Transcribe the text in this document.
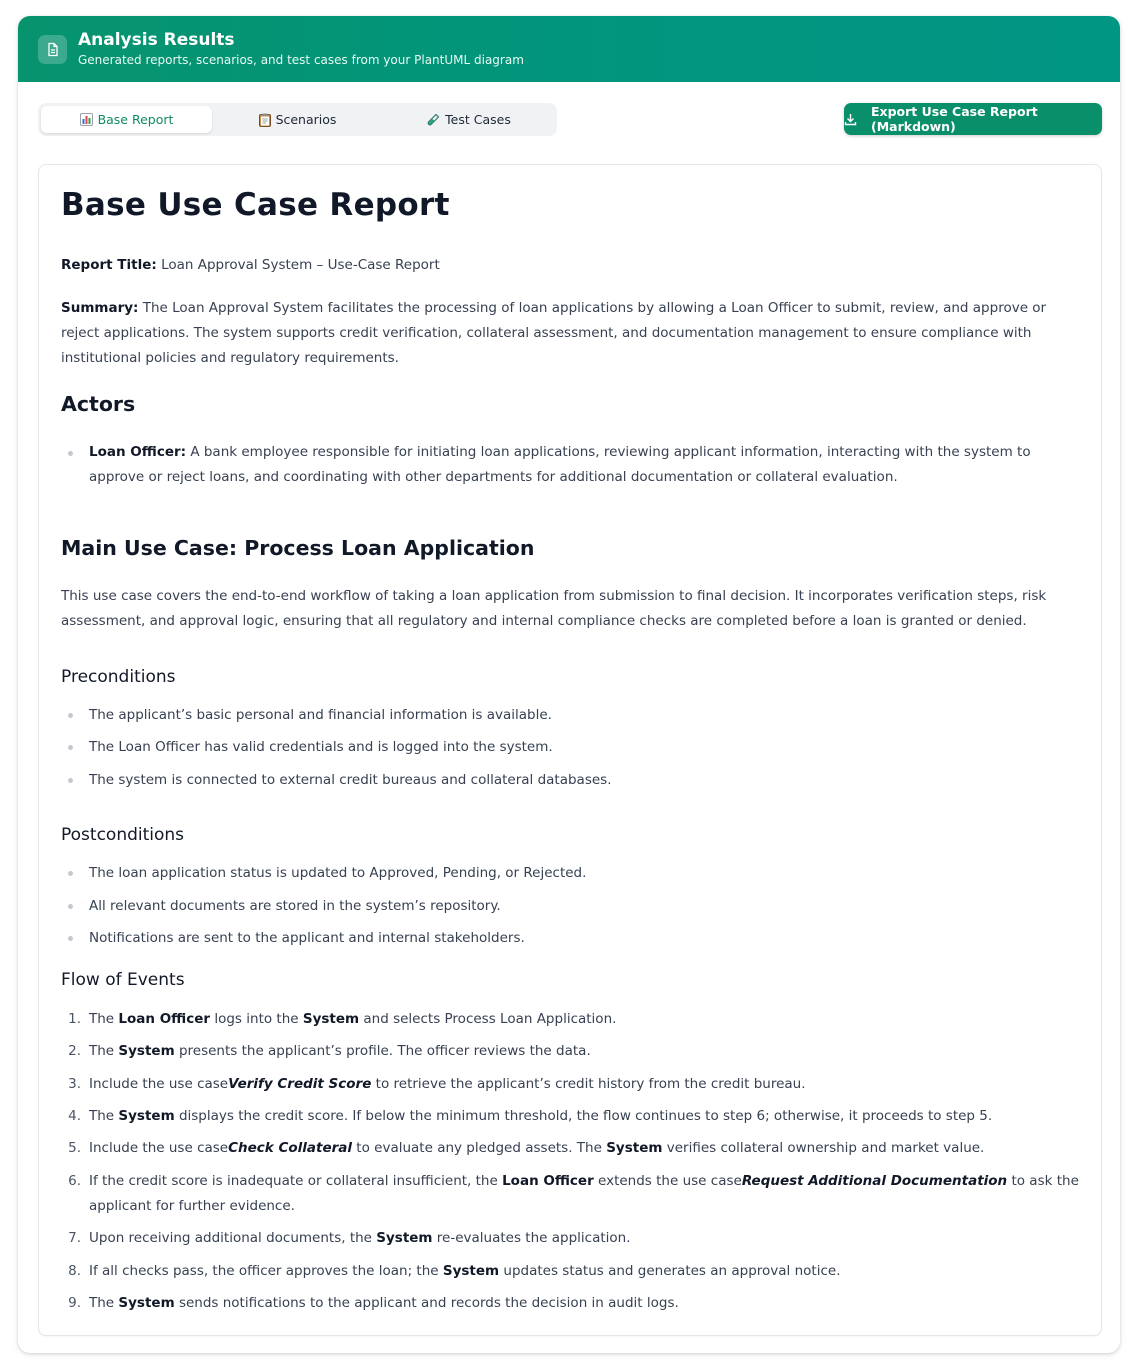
Analysis Results
Generated reports, scenarios, and test cases from your PlantUML diagram
Base Report	Scenarios	Test Cases
Export Use Case Report (Markdown)
Base Use Case Report
Report Title: Loan Approval System – Use-Case Report
Summary: The Loan Approval System facilitates the processing of loan applications by allowing a Loan Officer to submit, review, and approve or reject applications. The system supports credit verification, collateral assessment, and documentation management to ensure compliance with institutional policies and regulatory requirements.
Actors
Loan Officer: A bank employee responsible for initiating loan applications, reviewing applicant information, interacting with the system to approve or reject loans, and coordinating with other departments for additional documentation or collateral evaluation.
Main Use Case: Process Loan Application
This use case covers the end-to-end workflow of taking a loan application from submission to final decision. It incorporates verification steps, risk assessment, and approval logic, ensuring that all regulatory and internal compliance checks are completed before a loan is granted or denied.
Preconditions
The applicant’s basic personal and financial information is available.
The Loan Officer has valid credentials and is logged into the system.
The system is connected to external credit bureaus and collateral databases.
Postconditions
The loan application status is updated to Approved, Pending, or Rejected.
All relevant documents are stored in the system’s repository.
Notifications are sent to the applicant and internal stakeholders.
Flow of Events
1. The Loan Officer logs into the System and selects Process Loan Application.
2. The System presents the applicant’s profile. The officer reviews the data.
3. Include the use caseVerify Credit Score to retrieve the applicant’s credit history from the credit bureau.
4. The System displays the credit score. If below the minimum threshold, the flow continues to step 6; otherwise, it proceeds to step 5.
5. Include the use caseCheck Collateral to evaluate any pledged assets. The System verifies collateral ownership and market value.
6. If the credit score is inadequate or collateral insufficient, the Loan Officer extends the use caseRequest Additional Documentation to ask the applicant for further evidence.
7. Upon receiving additional documents, the System re-evaluates the application.
8. If all checks pass, the officer approves the loan; the System updates status and generates an approval notice.
9. The System sends notifications to the applicant and records the decision in audit logs.
